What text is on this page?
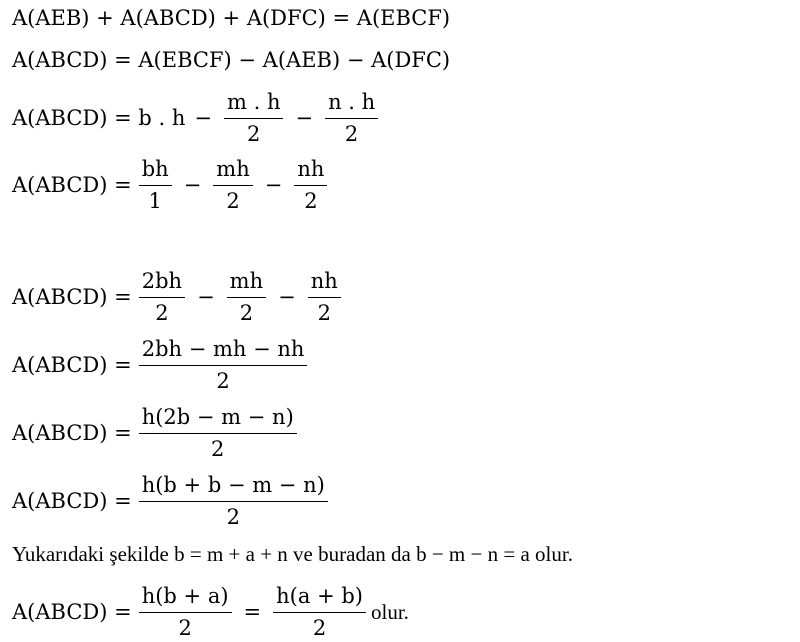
A(AEB) + A(ABCD) + A(DFC) = A(EBCF)
A(ABCD) = A(EBCF) − A(AEB) − A(DFC)
A(ABCD) = b . $h - \frac{m . h}{2} - \frac{n . h}{2}$
A(ABCD) = $\frac{bh}{1} - \frac{mh}{2} - \frac{nh}{2}$
A(ABCD) = $\frac{2bh}{2} - \frac{mh}{2} - \frac{nh}{2}$
A(ABCD) = $\frac{2bh - mh - nh}{2}$
A(ABCD) = $\frac{h(2b - m - n)}{2}$
A(ABCD) = $\frac{h(b + b - m - n)}{2}$
Yukarıdaki şekilde b = m + a + n ve buradan da b − m − n = a olur.
A(ABCD) = $\frac{h(b + a)}{2} = \frac{h(a + b)}{2}$ olur.
